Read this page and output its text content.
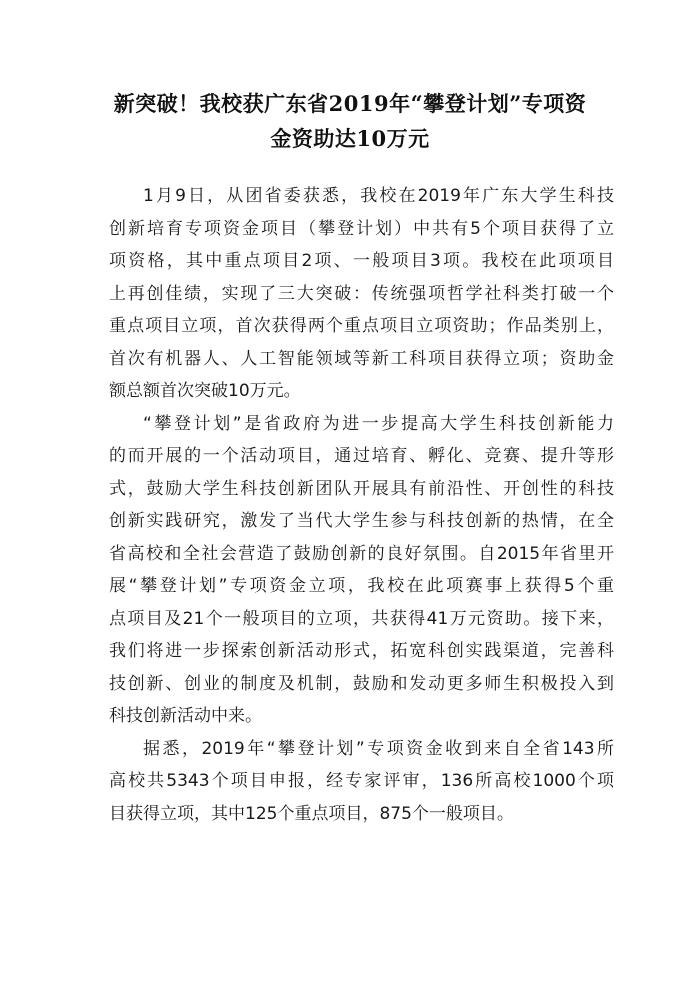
新突破！我校获广东省2019年“攀登计划”专项资
金资助达10万元

1月9日，从团省委获悉，我校在2019年广东大学生科技
创新培育专项资金项目（攀登计划）中共有5个项目获得了立
项资格，其中重点项目2项、一般项目3项。我校在此项项目
上再创佳绩，实现了三大突破：传统强项哲学社科类打破一个
重点项目立项，首次获得两个重点项目立项资助；作品类别上，
首次有机器人、人工智能领域等新工科项目获得立项；资助金
额总额首次突破10万元。

“攀登计划”是省政府为进一步提高大学生科技创新能力
的而开展的一个活动项目，通过培育、孵化、竞赛、提升等形
式，鼓励大学生科技创新团队开展具有前沿性、开创性的科技
创新实践研究，激发了当代大学生参与科技创新的热情，在全
省高校和全社会营造了鼓励创新的良好氛围。自2015年省里开
展“攀登计划”专项资金立项，我校在此项赛事上获得5个重
点项目及21个一般项目的立项，共获得41万元资助。接下来，
我们将进一步探索创新活动形式，拓宽科创实践渠道，完善科
技创新、创业的制度及机制，鼓励和发动更多师生积极投入到
科技创新活动中来。

据悉，2019年“攀登计划”专项资金收到来自全省143所
高校共5343个项目申报，经专家评审，136所高校1000个项
目获得立项，其中125个重点项目，875个一般项目。
